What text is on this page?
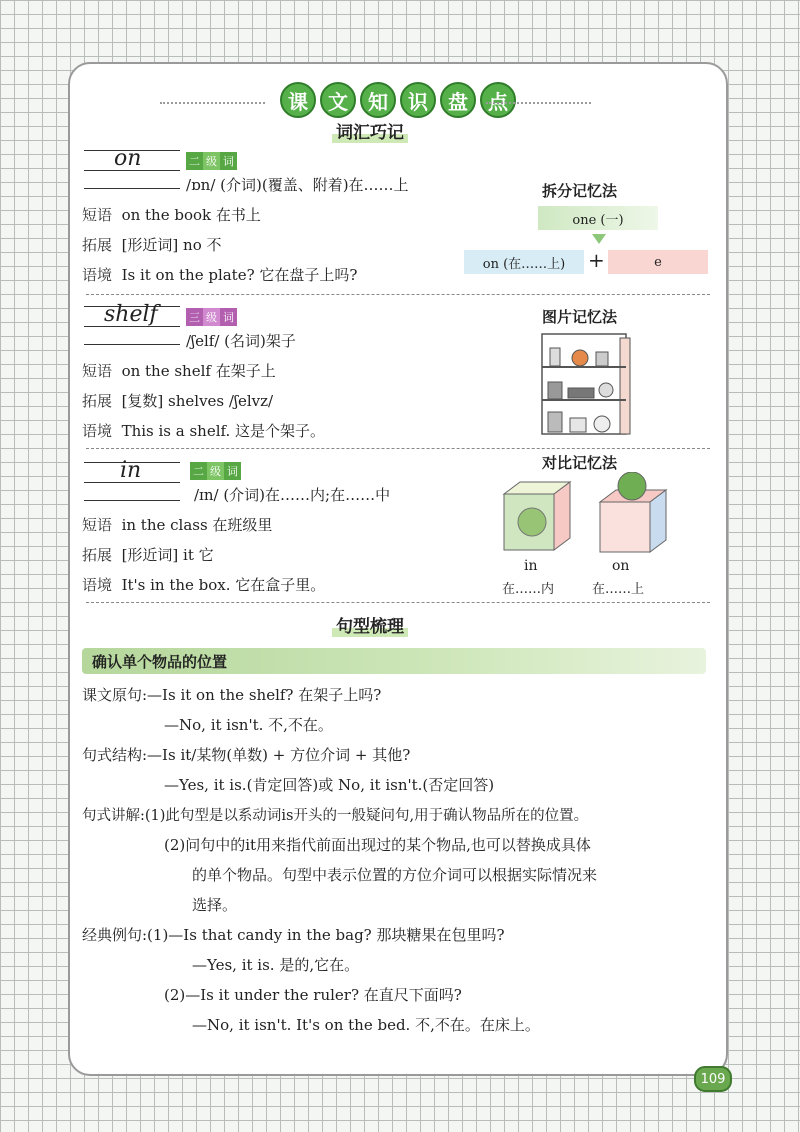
课	文	知	识	盘	点
词汇巧记
on	二 级 词
/ɒn/ (介词)(覆盖、附着)在……上
短语 on the book 在书上
拓展 [形近词] no 不
语境 Is it on the plate? 它在盘子上吗?
拆分记忆法
one (一)
on (在……上) +	e
shelf	三 级 词
/ʃelf/ (名词)架子
短语 on the shelf 在架子上
拓展 [复数] shelves /ʃelvz/
语境 This is a shelf. 这是个架子。
图片记忆法
in	二 级 词
/ɪn/ (介词)在……内;在……中
短语 in the class 在班级里
拓展 [形近词] it 它
语境 It's in the box. 它在盒子里。
对比记忆法
in	on
在……内	在……上
句型梳理
确认单个物品的位置
课文原句:—Is it on the shelf? 在架子上吗?
—No, it isn't. 不,不在。
句式结构:—Is it/某物(单数) + 方位介词 + 其他?
—Yes, it is.(肯定回答)或 No, it isn't.(否定回答)
句式讲解:(1)此句型是以系动词is开头的一般疑问句,用于确认物品所在的位置。
(2)问句中的it用来指代前面出现过的某个物品,也可以替换成具体
的单个物品。句型中表示位置的方位介词可以根据实际情况来
选择。
经典例句:(1)—Is that candy in the bag? 那块糖果在包里吗?
—Yes, it is. 是的,它在。
(2)—Is it under the ruler? 在直尺下面吗?
—No, it isn't. It's on the bed. 不,不在。在床上。
109
